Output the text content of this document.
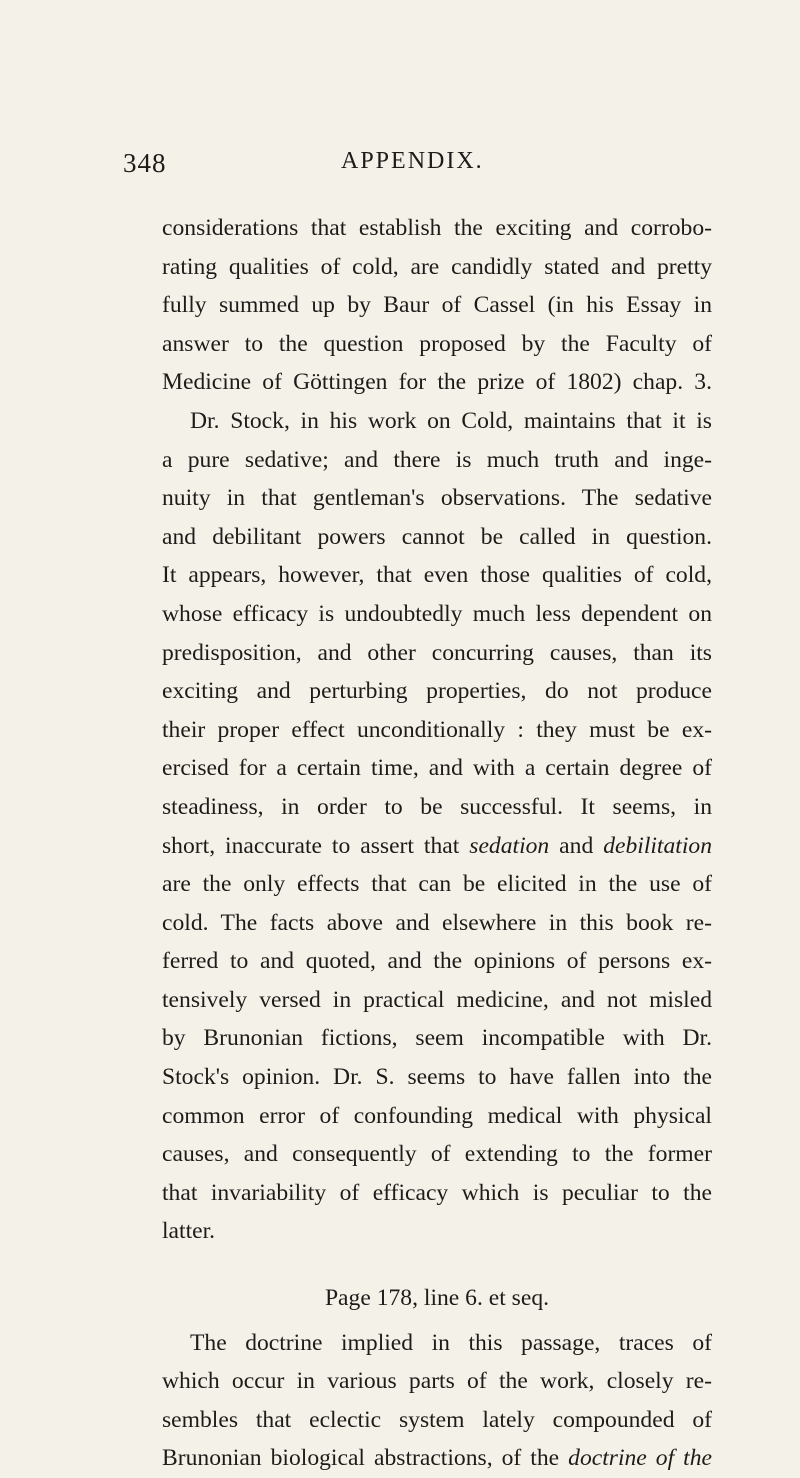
348	APPENDIX.
considerations that establish the exciting and corrobo-
rating qualities of cold, are candidly stated and pretty
fully summed up by Baur of Cassel (in his Essay in
answer to the question proposed by the Faculty of
Medicine of Göttingen for the prize of 1802) chap. 3.
Dr. Stock, in his work on Cold, maintains that it is
a pure sedative; and there is much truth and inge-
nuity in that gentleman's observations. The sedative
and debilitant powers cannot be called in question.
It appears, however, that even those qualities of cold,
whose efficacy is undoubtedly much less dependent on
predisposition, and other concurring causes, than its
exciting and perturbing properties, do not produce
their proper effect unconditionally : they must be ex-
ercised for a certain time, and with a certain degree of
steadiness, in order to be successful. It seems, in
short, inaccurate to assert that sedation and debilitation
are the only effects that can be elicited in the use of
cold. The facts above and elsewhere in this book re-
ferred to and quoted, and the opinions of persons ex-
tensively versed in practical medicine, and not misled
by Brunonian fictions, seem incompatible with Dr.
Stock's opinion. Dr. S. seems to have fallen into the
common error of confounding medical with physical
causes, and consequently of extending to the former
that invariability of efficacy which is peculiar to the
latter.
Page 178, line 6. et seq.
The doctrine implied in this passage, traces of
which occur in various parts of the work, closely re-
sembles that eclectic system lately compounded of
Brunonian biological abstractions, of the doctrine of the
